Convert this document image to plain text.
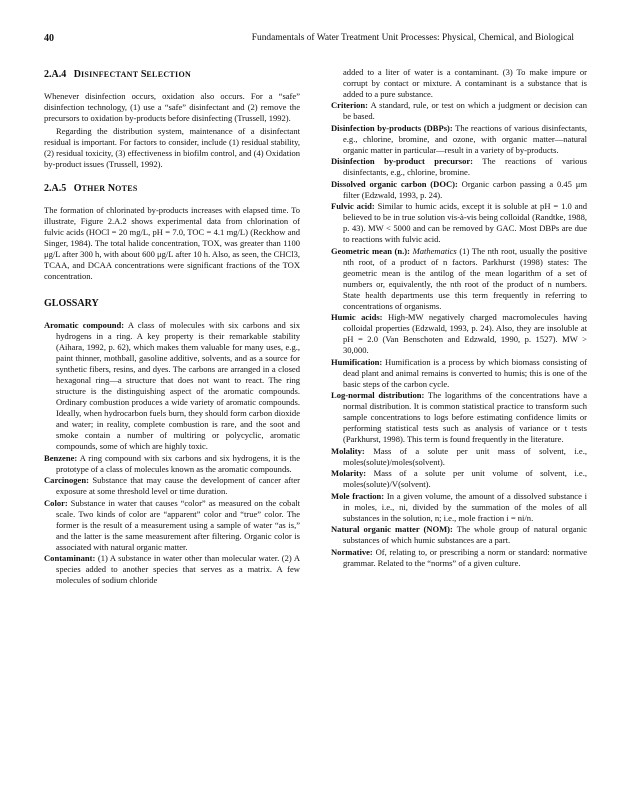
40	Fundamentals of Water Treatment Unit Processes: Physical, Chemical, and Biological
2.A.4 DISINFECTANT SELECTION

Whenever disinfection occurs, oxidation also occurs. For a “safe” disinfection technology, (1) use a “safe” disinfectant and (2) remove the precursors to oxidation by-products before disinfecting (Trussell, 1992).

Regarding the distribution system, maintenance of a disinfectant residual is important. For factors to consider, include (1) residual stability, (2) residual toxicity, (3) effectiveness in biofilm control, and (4) Oxidation by-product issues (Trussell, 1992).

2.A.5 OTHER NOTES

The formation of chlorinated by-products increases with elapsed time. To illustrate, Figure 2.A.2 shows experimental data from chlorination of fulvic acids (HOCl = 20 mg/L, pH = 7.0, TOC = 4.1 mg/L) (Reckhow and Singer, 1984). The total halide concentration, TOX, was greater than 1100 μg/L after 300 h, with about 600 μg/L after 10 h. Also, as seen, the CHCl3, TCAA, and DCAA concentrations were significant fractions of the TOX concentration.

GLOSSARY
Aromatic compound: A class of molecules with six carbons and six hydrogens in a ring. A key property is their remarkable stability (Aihara, 1992, p. 62), which makes them valuable for many uses, e.g., paint thinner, mothball, gasoline additive, solvents, and as a source for synthetic fibers, resins, and dyes. The carbons are arranged in a closed hexagonal ring—a structure that does not want to react. The ring structure is the distinguishing aspect of the aromatic compounds. Ordinary combustion produces a wide variety of aromatic compounds. Ideally, when hydrocarbon fuels burn, they should form carbon dioxide and water; in reality, complete combustion is rare, and the soot and smoke contain a number of multiring or polycyclic, aromatic compounds, some of which are highly toxic.
Benzene: A ring compound with six carbons and six hydrogens, it is the prototype of a class of molecules known as the aromatic compounds.
Carcinogen: Substance that may cause the development of cancer after exposure at some threshold level or time duration.
Color: Substance in water that causes “color” as measured on the cobalt scale. Two kinds of color are “apparent” color and “true” color. The former is the result of a measurement using a sample of water “as is,” and the latter is the same measurement after filtering. Organic color is associated with natural organic matter.
Contaminant: (1) A substance in water other than molecular water. (2) A species added to another species that serves as a matrix. A few molecules of sodium chloride

added to a liter of water is a contaminant. (3) To make impure or corrupt by contact or mixture. A contaminant is a substance that is added to a pure substance.

Criterion: A standard, rule, or test on which a judgment or decision can be based.
Disinfection by-products (DBPs): The reactions of various disinfectants, e.g., chlorine, bromine, and ozone, with organic matter—natural organic matter in particular—result in a variety of by-products.
Disinfection by-product precursor: The reactions of various disinfectants, e.g., chlorine, bromine.
Dissolved organic carbon (DOC): Organic carbon passing a 0.45 μm filter (Edzwald, 1993, p. 24).
Fulvic acid: Similar to humic acids, except it is soluble at pH = 1.0 and believed to be in true solution vis-à-vis being colloidal (Randtke, 1988, p. 43). MW < 5000 and can be removed by GAC. Most DBPs are due to reactions with fulvic acid.
Geometric mean (n.): Mathematics (1) The nth root, usually the positive nth root, of a product of n factors. Parkhurst (1998) states: The geometric mean is the antilog of the mean logarithm of a set of numbers or, equivalently, the nth root of the product of n numbers. State health departments use this term frequently in referring to concentrations of organisms.
Humic acids: High-MW negatively charged macromolecules having colloidal properties (Edzwald, 1993, p. 24). Also, they are insoluble at pH = 2.0 (Van Benschoten and Edzwald, 1990, p. 1527). MW > 30,000.
Humification: Humification is a process by which biomass consisting of dead plant and animal remains is converted to humis; this is one of the basic steps of the carbon cycle.
Log-normal distribution: The logarithms of the concentrations have a normal distribution. It is common statistical practice to transform such sample concentrations to logs before estimating confidence limits or performing statistical tests such as analysis of variance or t tests (Parkhurst, 1998). This term is found frequently in the literature.
Molality: Mass of a solute per unit mass of solvent, i.e., moles(solute)/moles(solvent).
Molarity: Mass of a solute per unit volume of solvent, i.e., moles(solute)/V(solvent).
Mole fraction: In a given volume, the amount of a dissolved substance i in moles, i.e., ni, divided by the summation of the moles of all substances in the solution, n; i.e., mole fraction i = ni/n.
Natural organic matter (NOM): The whole group of natural organic substances of which humic substances are a part.
Normative: Of, relating to, or prescribing a norm or standard: normative grammar. Related to the “norms” of a given culture.
